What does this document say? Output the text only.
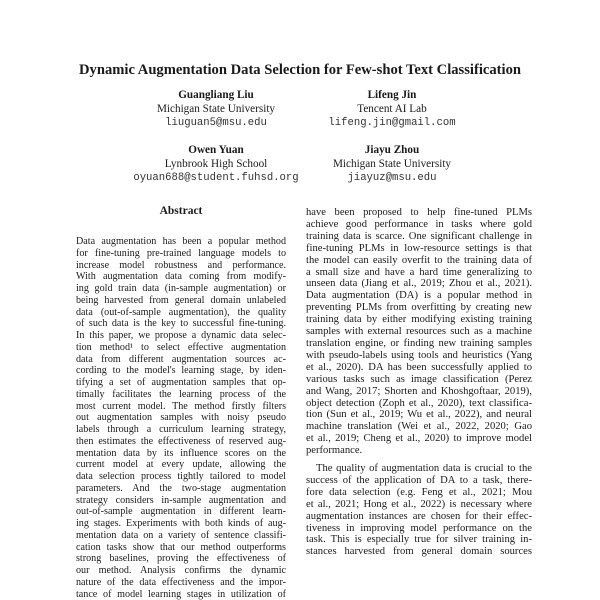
Dynamic Augmentation Data Selection for Few-shot Text Classification
Guangliang Liu
Michigan State University
liuguan5@msu.edu
Lifeng Jin
Tencent AI Lab
lifeng.jin@gmail.com
Owen Yuan
Lynbrook High School
oyuan688@student.fuhsd.org
Jiayu Zhou
Michigan State University
jiayuz@msu.edu
Abstract
Data augmentation has been a popular method
for fine-tuning pre-trained language models to
increase model robustness and performance.
With augmentation data coming from modify-
ing gold train data (in-sample augmentation) or
being harvested from general domain unlabeled
data (out-of-sample augmentation), the quality
of such data is the key to successful fine-tuning.
In this paper, we propose a dynamic data selec-
tion method¹ to select effective augmentation
data from different augmentation sources ac-
cording to the model's learning stage, by iden-
tifying a set of augmentation samples that op-
timally facilitates the learning process of the
most current model. The method firstly filters
out augmentation samples with noisy pseudo
labels through a curriculum learning strategy,
then estimates the effectiveness of reserved aug-
mentation data by its influence scores on the
current model at every update, allowing the
data selection process tightly tailored to model
parameters. And the two-stage augmentation
strategy considers in-sample augmentation and
out-of-sample augmentation in different learn-
ing stages. Experiments with both kinds of aug-
mentation data on a variety of sentence classifi-
cation tasks show that our method outperforms
strong baselines, proving the effectiveness of
our method. Analysis confirms the dynamic
nature of the data effectiveness and the impor-
tance of model learning stages in utilization of
have been proposed to help fine-tuned PLMs
achieve good performance in tasks where gold
training data is scarce. One significant challenge in
fine-tuning PLMs in low-resource settings is that
the model can easily overfit to the training data of
a small size and have a hard time generalizing to
unseen data (Jiang et al., 2019; Zhou et al., 2021).
Data augmentation (DA) is a popular method in
preventing PLMs from overfitting by creating new
training data by either modifying existing training
samples with external resources such as a machine
translation engine, or finding new training samples
with pseudo-labels using tools and heuristics (Yang
et al., 2020). DA has been successfully applied to
various tasks such as image classification (Perez
and Wang, 2017; Shorten and Khoshgoftaar, 2019),
object detection (Zoph et al., 2020), text classifica-
tion (Sun et al., 2019; Wu et al., 2022), and neural
machine translation (Wei et al., 2022, 2020; Gao
et al., 2019; Cheng et al., 2020) to improve model
performance.
The quality of augmentation data is crucial to the
success of the application of DA to a task, there-
fore data selection (e.g. Feng et al., 2021; Mou
et al., 2021; Hong et al., 2022) is necessary where
augmentation instances are chosen for their effec-
tiveness in improving model performance on the
task. This is especially true for silver training in-
stances harvested from general domain sources
